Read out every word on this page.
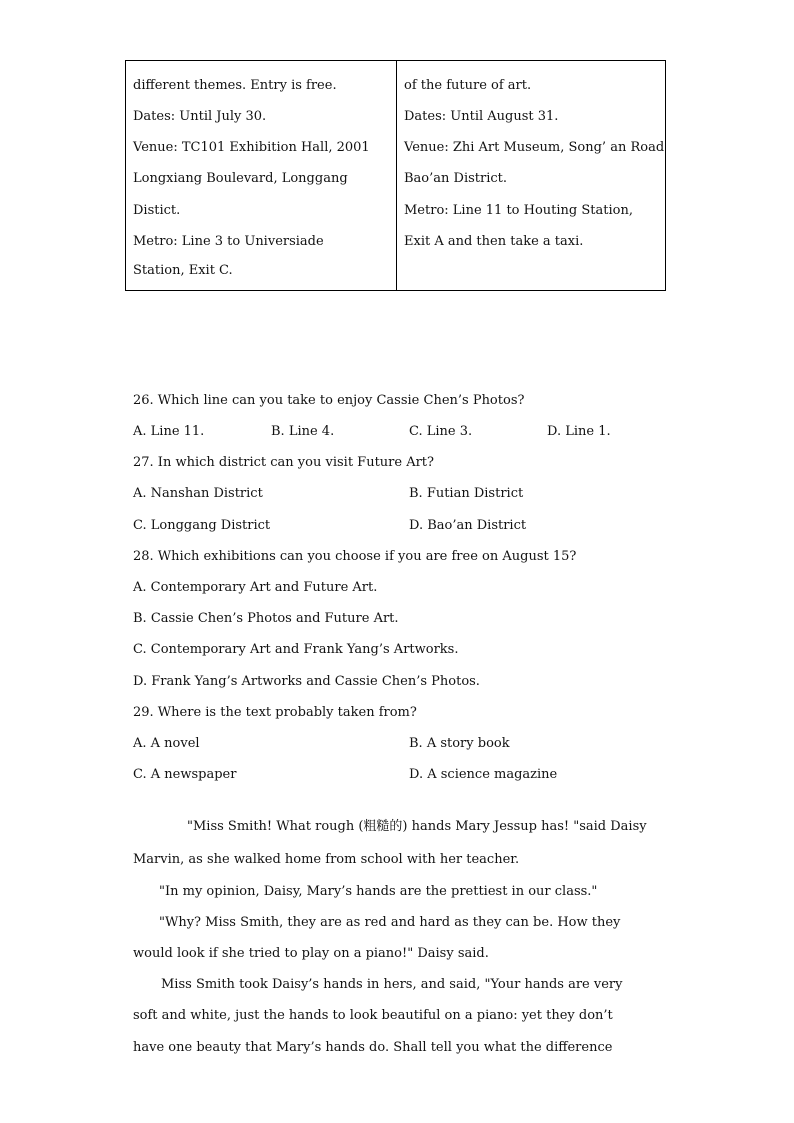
different themes. Entry is free.
Dates: Until July 30.
Venue: TC101 Exhibition Hall, 2001
Longxiang Boulevard, Longgang
Distict.
Metro: Line 3 to Universiade
Station, Exit C.

of the future of art.
Dates: Until August 31.
Venue: Zhi Art Museum, Song’ an Road
Bao’an District.
Metro: Line 11 to Houting Station,
Exit A and then take a taxi.
26. Which line can you take to enjoy Cassie Chen’s Photos?
A. Line 11.	B. Line 4.	C. Line 3.	D. Line 1.
27. In which district can you visit Future Art?
A. Nanshan District	B. Futian District
C. Longgang District	D. Bao’an District
28. Which exhibitions can you choose if you are free on August 15?
A. Contemporary Art and Future Art.
B. Cassie Chen’s Photos and Future Art.
C. Contemporary Art and Frank Yang’s Artworks.
D. Frank Yang’s Artworks and Cassie Chen’s Photos.
29. Where is the text probably taken from?
A. A novel	B. A story book
C. A newspaper	D. A science magazine
"Miss Smith! What rough (粗糙的) hands Mary Jessup has! "said Daisy
Marvin, as she walked home from school with her teacher.
"In my opinion, Daisy, Mary’s hands are the prettiest in our class."
"Why? Miss Smith, they are as red and hard as they can be. How they
would look if she tried to play on a piano!" Daisy said.
Miss Smith took Daisy’s hands in hers, and said, "Your hands are very
soft and white, just the hands to look beautiful on a piano: yet they don’t
have one beauty that Mary’s hands do. Shall tell you what the difference
